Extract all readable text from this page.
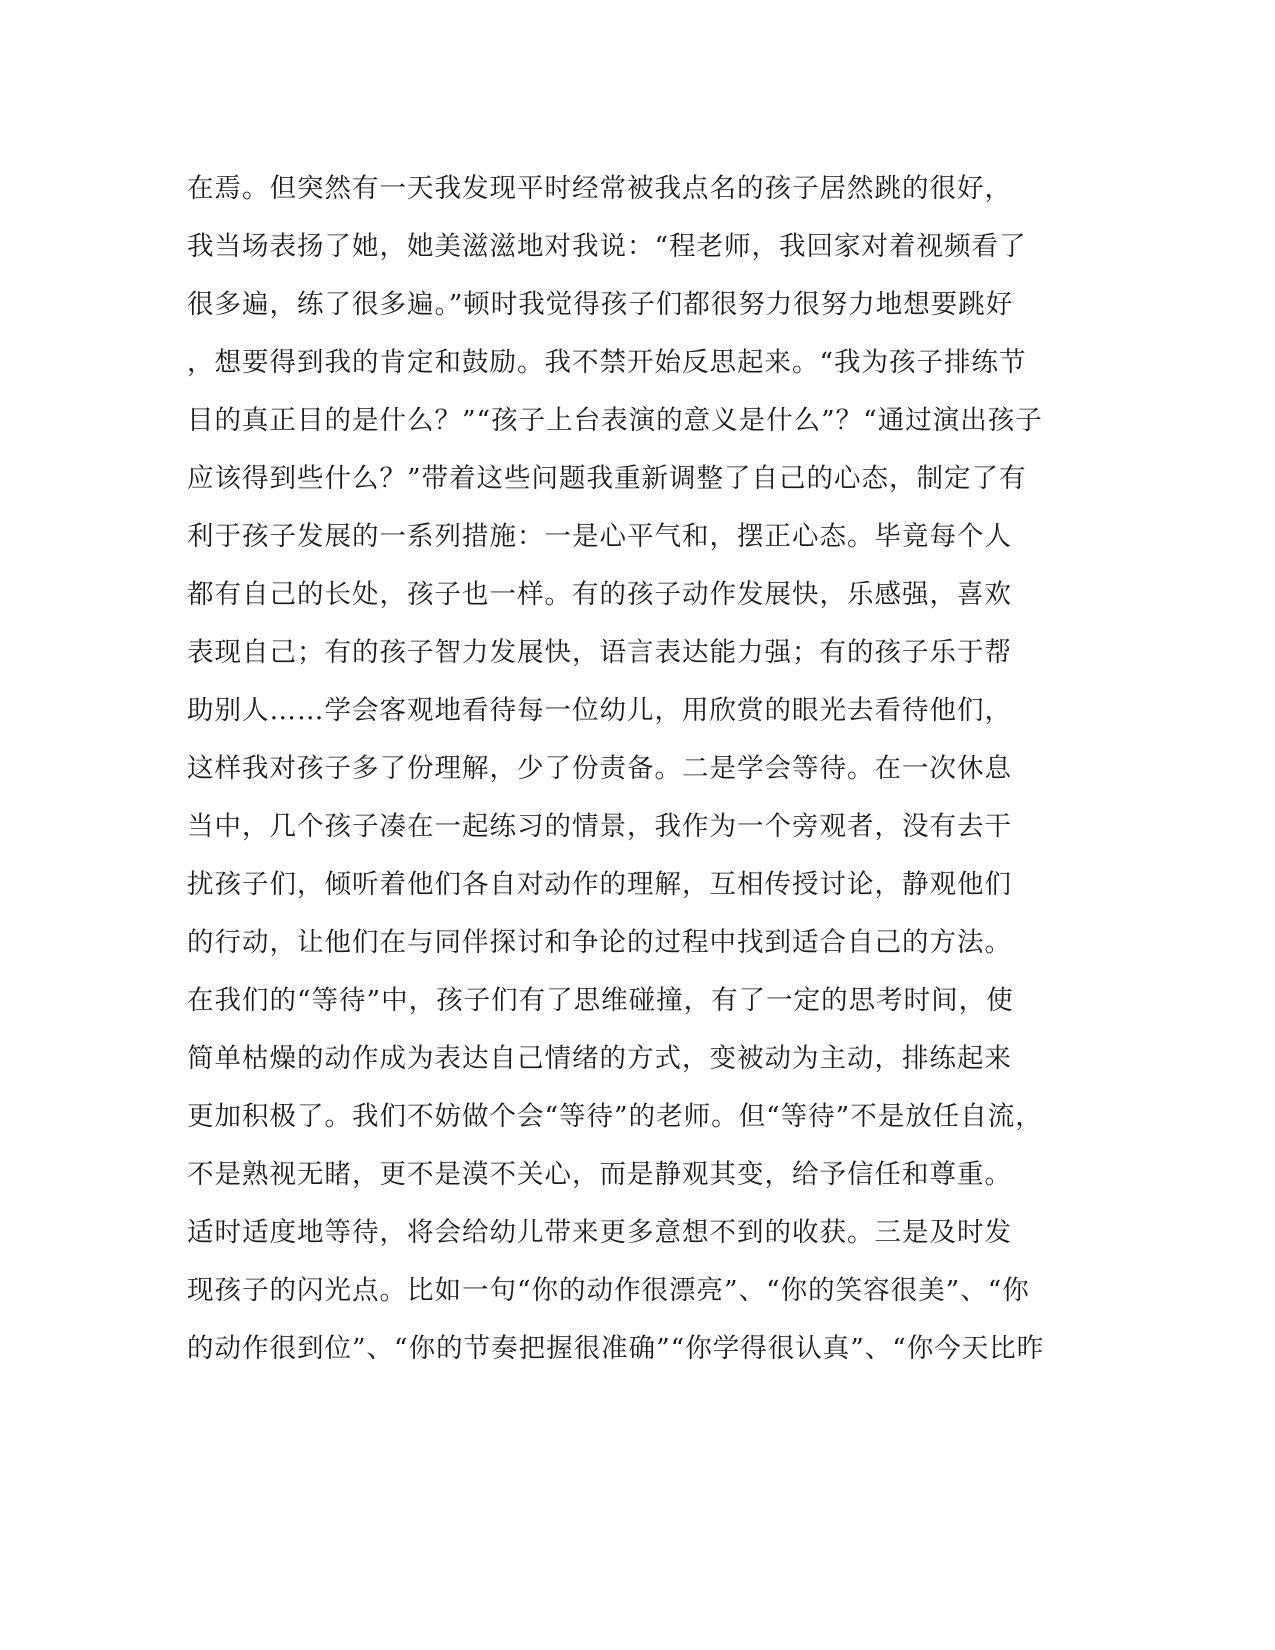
在焉。但突然有一天我发现平时经常被我点名的孩子居然跳的很好，
我当场表扬了她，她美滋滋地对我说：“程老师，我回家对着视频看了
很多遍，练了很多遍。”顿时我觉得孩子们都很努力很努力地想要跳好
，想要得到我的肯定和鼓励。我不禁开始反思起来。“我为孩子排练节
目的真正目的是什么？”“孩子上台表演的意义是什么”？“通过演出孩子
应该得到些什么？”带着这些问题我重新调整了自己的心态，制定了有
利于孩子发展的一系列措施：一是心平气和，摆正心态。毕竟每个人
都有自己的长处，孩子也一样。有的孩子动作发展快，乐感强，喜欢
表现自己；有的孩子智力发展快，语言表达能力强；有的孩子乐于帮
助别人……学会客观地看待每一位幼儿，用欣赏的眼光去看待他们，
这样我对孩子多了份理解，少了份责备。二是学会等待。在一次休息
当中，几个孩子凑在一起练习的情景，我作为一个旁观者，没有去干
扰孩子们，倾听着他们各自对动作的理解，互相传授讨论，静观他们
的行动，让他们在与同伴探讨和争论的过程中找到适合自己的方法。
在我们的“等待”中，孩子们有了思维碰撞，有了一定的思考时间，使
简单枯燥的动作成为表达自己情绪的方式，变被动为主动，排练起来
更加积极了。我们不妨做个会“等待”的老师。但“等待”不是放任自流，
不是熟视无睹，更不是漠不关心，而是静观其变，给予信任和尊重。
适时适度地等待，将会给幼儿带来更多意想不到的收获。三是及时发
现孩子的闪光点。比如一句“你的动作很漂亮”、“你的笑容很美”、“你
的动作很到位”、“你的节奏把握很准确”“你学得很认真”、“你今天比昨
